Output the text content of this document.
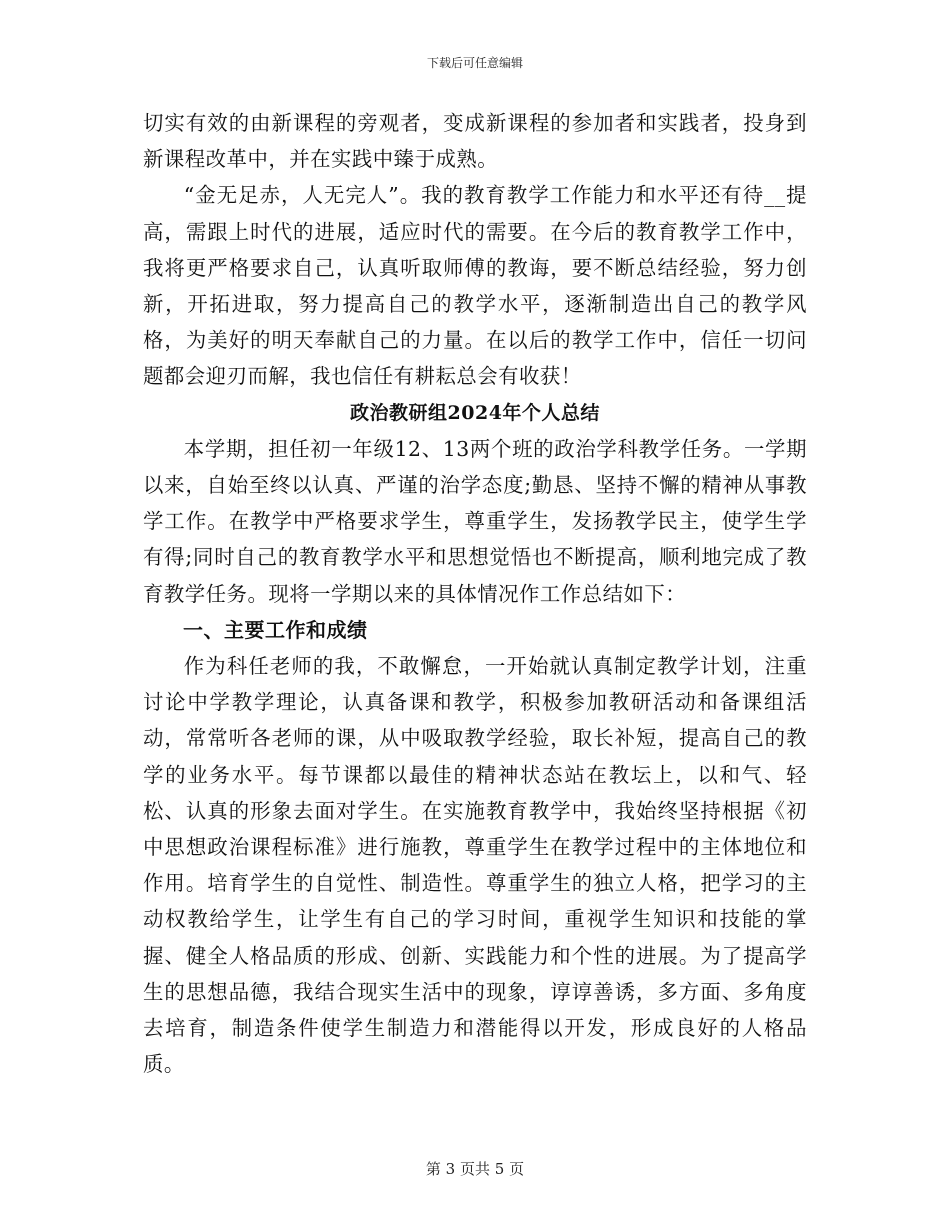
下载后可任意编辑

切实有效的由新课程的旁观者，变成新课程的参加者和实践者，投身到新课程改革中，并在实践中臻于成熟。

“金无足赤，人无完人”。我的教育教学工作能力和水平还有待__提高，需跟上时代的进展，适应时代的需要。在今后的教育教学工作中，我将更严格要求自己，认真听取师傅的教诲，要不断总结经验，努力创新，开拓进取，努力提高自己的教学水平，逐渐制造出自己的教学风格，为美好的明天奉献自己的力量。在以后的教学工作中，信任一切问题都会迎刃而解，我也信任有耕耘总会有收获！

政治教研组2024年个人总结

本学期，担任初一年级12、13两个班的政治学科教学任务。一学期以来，自始至终以认真、严谨的治学态度;勤恳、坚持不懈的精神从事教学工作。在教学中严格要求学生，尊重学生，发扬教学民主，使学生学有得;同时自己的教育教学水平和思想觉悟也不断提高，顺利地完成了教育教学任务。现将一学期以来的具体情况作工作总结如下：

一、主要工作和成绩

作为科任老师的我，不敢懈怠，一开始就认真制定教学计划，注重讨论中学教学理论，认真备课和教学，积极参加教研活动和备课组活动，常常听各老师的课，从中吸取教学经验，取长补短，提高自己的教学的业务水平。每节课都以最佳的精神状态站在教坛上，以和气、轻松、认真的形象去面对学生。在实施教育教学中，我始终坚持根据《初中思想政治课程标准》进行施教，尊重学生在教学过程中的主体地位和作用。培育学生的自觉性、制造性。尊重学生的独立人格，把学习的主动权教给学生，让学生有自己的学习时间，重视学生知识和技能的掌握、健全人格品质的形成、创新、实践能力和个性的进展。为了提高学生的思想品德，我结合现实生活中的现象，谆谆善诱，多方面、多角度去培育，制造条件使学生制造力和潜能得以开发，形成良好的人格品质。

第 3 页共 5 页
